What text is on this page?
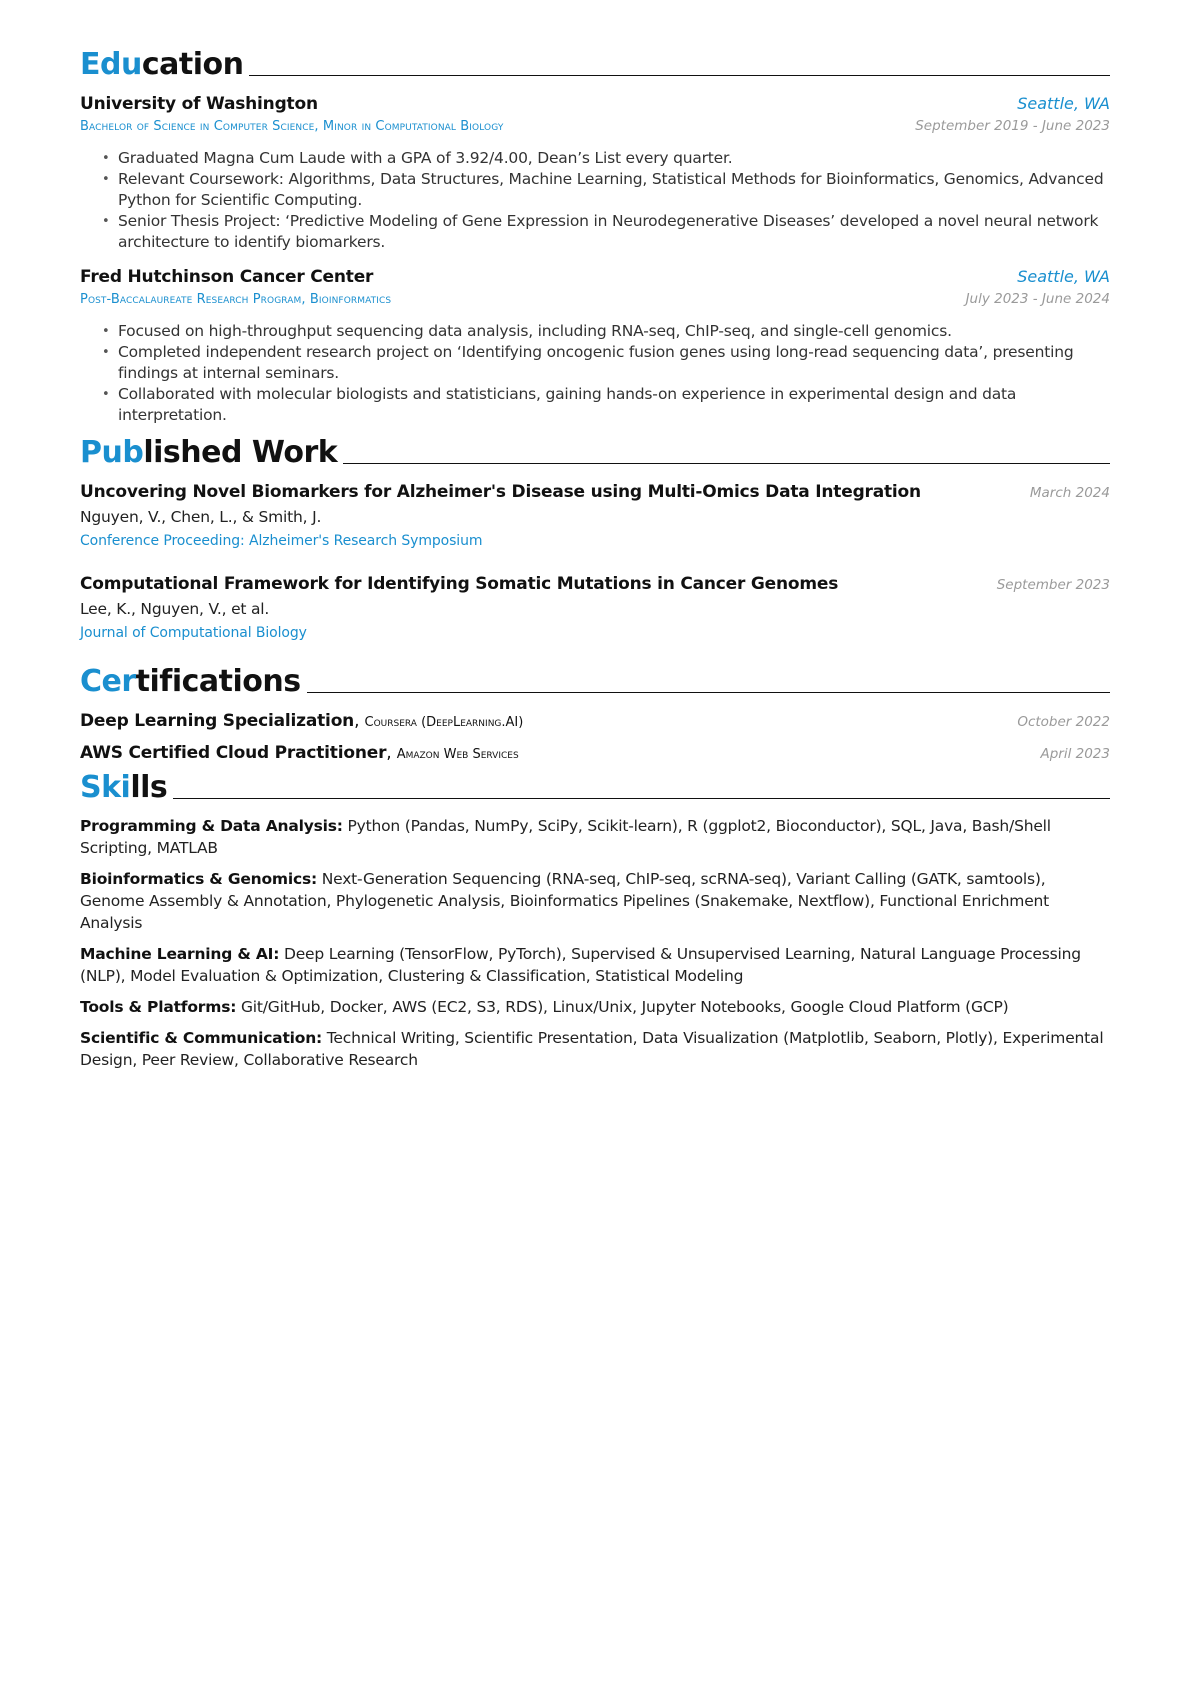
Education
University of Washington	Seattle, WA
Bachelor of Science in Computer Science, Minor in Computational Biology	September 2019 - June 2023
• Graduated Magna Cum Laude with a GPA of 3.92/4.00, Dean’s List every quarter.
• Relevant Coursework: Algorithms, Data Structures, Machine Learning, Statistical Methods for Bioinformatics, Genomics, Advanced Python for Scientific Computing.
• Senior Thesis Project: ‘Predictive Modeling of Gene Expression in Neurodegenerative Diseases’ developed a novel neural network architecture to identify biomarkers.
Fred Hutchinson Cancer Center	Seattle, WA
Post-Baccalaureate Research Program, Bioinformatics	July 2023 - June 2024
• Focused on high-throughput sequencing data analysis, including RNA-seq, ChIP-seq, and single-cell genomics.
• Completed independent research project on ‘Identifying oncogenic fusion genes using long-read sequencing data’, presenting findings at internal seminars.
• Collaborated with molecular biologists and statisticians, gaining hands-on experience in experimental design and data interpretation.
Published Work
Uncovering Novel Biomarkers for Alzheimer's Disease using Multi-Omics Data Integration	March 2024
Nguyen, V., Chen, L., & Smith, J.
Conference Proceeding: Alzheimer's Research Symposium
Computational Framework for Identifying Somatic Mutations in Cancer Genomes	September 2023
Lee, K., Nguyen, V., et al.
Journal of Computational Biology
Certifications
Deep Learning Specialization, Coursera (DeepLearning.AI)	October 2022
AWS Certified Cloud Practitioner, Amazon Web Services	April 2023
Skills
Programming & Data Analysis: Python (Pandas, NumPy, SciPy, Scikit-learn), R (ggplot2, Bioconductor), SQL, Java, Bash/Shell Scripting, MATLAB
Bioinformatics & Genomics: Next-Generation Sequencing (RNA-seq, ChIP-seq, scRNA-seq), Variant Calling (GATK, samtools), Genome Assembly & Annotation, Phylogenetic Analysis, Bioinformatics Pipelines (Snakemake, Nextflow), Functional Enrichment Analysis
Machine Learning & AI: Deep Learning (TensorFlow, PyTorch), Supervised & Unsupervised Learning, Natural Language Processing (NLP), Model Evaluation & Optimization, Clustering & Classification, Statistical Modeling
Tools & Platforms: Git/GitHub, Docker, AWS (EC2, S3, RDS), Linux/Unix, Jupyter Notebooks, Google Cloud Platform (GCP)
Scientific & Communication: Technical Writing, Scientific Presentation, Data Visualization (Matplotlib, Seaborn, Plotly), Experimental Design, Peer Review, Collaborative Research
